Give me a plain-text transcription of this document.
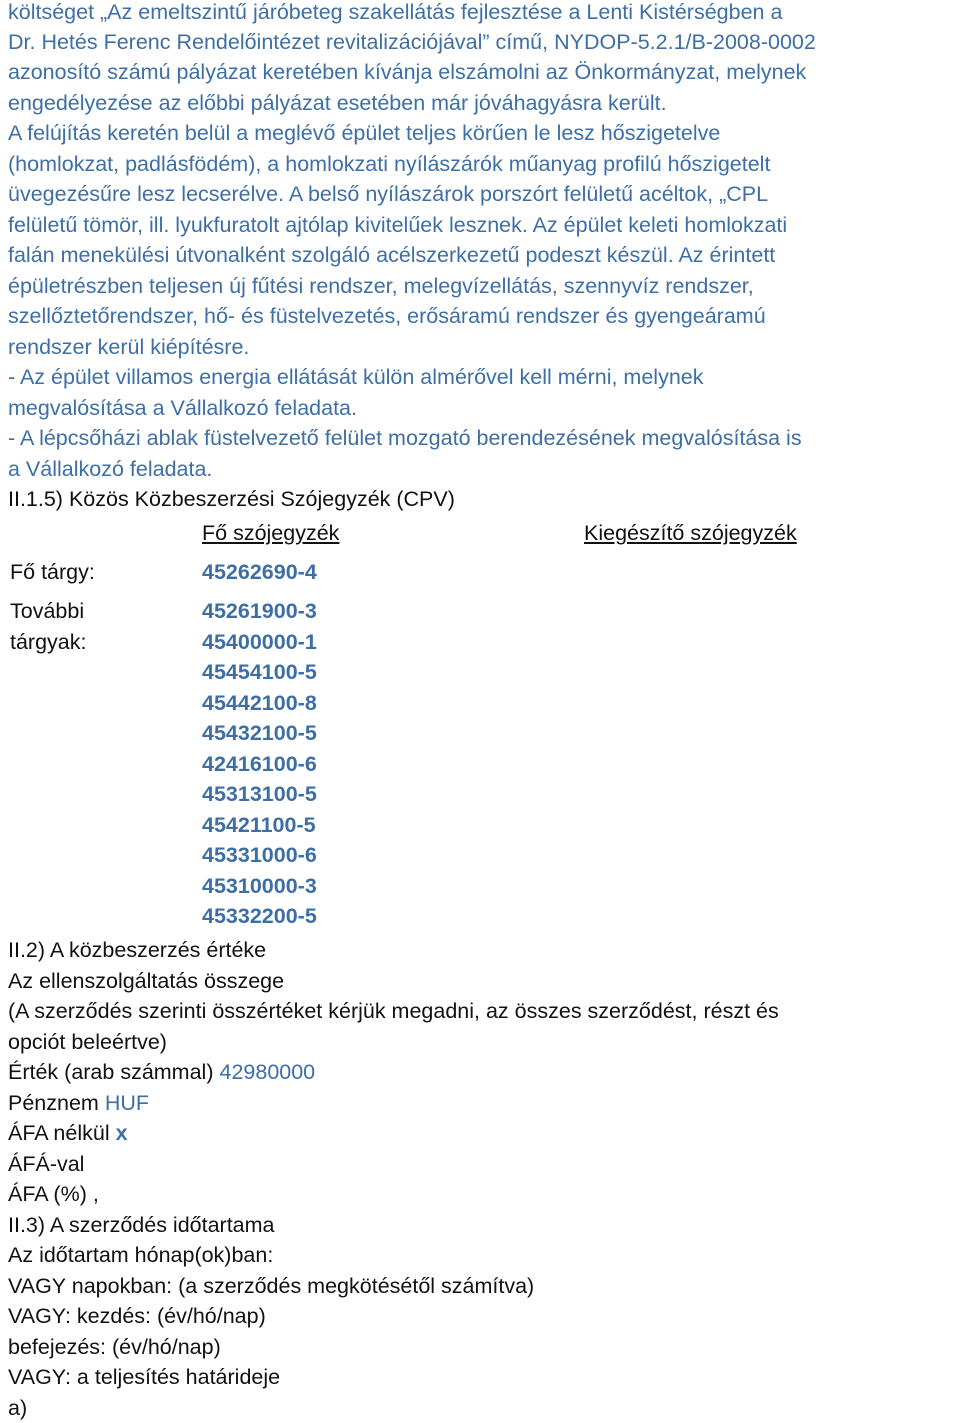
költséget „Az emeltszintű járóbeteg szakellátás fejlesztése a Lenti Kistérségben a
Dr. Hetés Ferenc Rendelőintézet revitalizációjával” című, NYDOP-5.2.1/B-2008-0002
azonosító számú pályázat keretében kívánja elszámolni az Önkormányzat, melynek
engedélyezése az előbbi pályázat esetében már jóváhagyásra került.
A felújítás keretén belül a meglévő épület teljes körűen le lesz hőszigetelve
(homlokzat, padlásfödém), a homlokzati nyílászárók műanyag profilú hőszigetelt
üvegezésűre lesz lecserélve. A belső nyílászárok porszórt felületű acéltok, „CPL
felületű tömör, ill. lyukfuratolt ajtólap kivitelűek lesznek. Az épület keleti homlokzati
falán menekülési útvonalként szolgáló acélszerkezetű podeszt készül. Az érintett
épületrészben teljesen új fűtési rendszer, melegvízellátás, szennyvíz rendszer,
szellőztetőrendszer, hő- és füstelvezetés, erősáramú rendszer és gyengeáramú
rendszer kerül kiépítésre.
- Az épület villamos energia ellátását külön almérővel kell mérni, melynek
megvalósítása a Vállalkozó feladata.
- A lépcsőházi ablak füstelvezető felület mozgató berendezésének megvalósítása is
a Vállalkozó feladata.
II.1.5) Közös Közbeszerzési Szójegyzék (CPV)
Fő szójegyzék	Kiegészítő szójegyzék
Fő tárgy:	45262690-4
További
tárgyak:
45261900-3
45400000-1
45454100-5
45442100-8
45432100-5
42416100-6
45313100-5
45421100-5
45331000-6
45310000-3
45332200-5
II.2) A közbeszerzés értéke
Az ellenszolgáltatás összege
(A szerződés szerinti összértéket kérjük megadni, az összes szerződést, részt és
opciót beleértve)
Érték (arab számmal) 42980000
Pénznem HUF
ÁFA nélkül x
ÁFÁ-val
ÁFA (%) ,
II.3) A szerződés időtartama
Az időtartam hónap(ok)ban:
VAGY napokban: (a szerződés megkötésétől számítva)
VAGY: kezdés: (év/hó/nap)
befejezés: (év/hó/nap)
VAGY: a teljesítés határideje
a)
